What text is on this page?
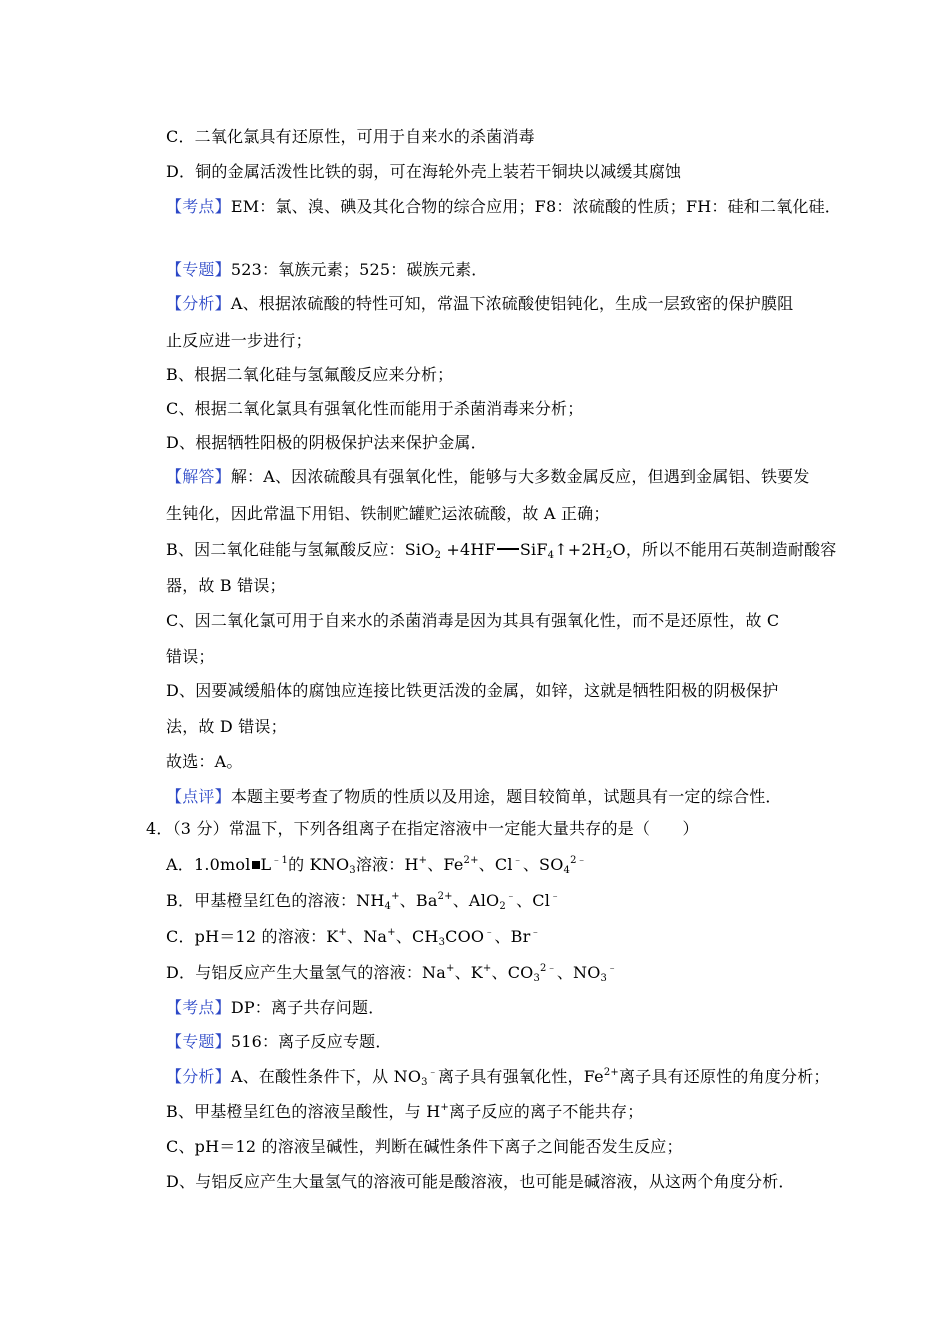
C．二氧化氯具有还原性，可用于自来水的杀菌消毒
D．铜的金属活泼性比铁的弱，可在海轮外壳上装若干铜块以减缓其腐蚀
【考点】EM：氯、溴、碘及其化合物的综合应用；F8：浓硫酸的性质；FH：硅和二氧化硅．
【专题】523：氧族元素；525：碳族元素．
【分析】A、根据浓硫酸的特性可知，常温下浓硫酸使铝钝化，生成一层致密的保护膜阻
止反应进一步进行；
B、根据二氧化硅与氢氟酸反应来分析；
C、根据二氧化氯具有强氧化性而能用于杀菌消毒来分析；
D、根据牺牲阳极的阴极保护法来保护金属．
【解答】解：A、因浓硫酸具有强氧化性，能够与大多数金属反应，但遇到金属铝、铁要发
生钝化，因此常温下用铝、铁制贮罐贮运浓硫酸，故 A 正确；
B、因二氧化硅能与氢氟酸反应：SiO$_2$ +4HF $SiF_4↑+2H_2O$，所以不能用石英制造耐酸容
器，故 B 错误；
C、因二氧化氯可用于自来水的杀菌消毒是因为其具有强氧化性，而不是还原性，故 C
错误；
D、因要减缓船体的腐蚀应连接比铁更活泼的金属，如锌，这就是牺牲阳极的阴极保护
法，故 D 错误；
故选：A。
【点评】本题主要考查了物质的性质以及用途，题目较简单，试题具有一定的综合性．
4．（3 分）常温下，下列各组离子在指定溶液中一定能大量共存的是（　　）
A．1.0mol $L^{﹣1}$的 $KNO_3$溶液：H+、$Fe^{2+}$、Cl﹣、$SO_4^{2﹣}$
B．甲基橙呈红色的溶液：$NH_4^+$、$Ba^{2+}$、AlO$_2$﹣、Cl﹣
C．pH＝12 的溶液：K+、Na+、$CH_3COO^﹣$、Br﹣
D．与铝反应产生大量氢气的溶液：Na+、K+、$CO_3^{2﹣}$、$NO_3^﹣$
【考点】DP：离子共存问题．
【专题】516：离子反应专题．
【分析】A、在酸性条件下，从 $NO_3^﹣$离子具有强氧化性，$Fe^{2+}$离子具有还原性的角度分析；
B、甲基橙呈红色的溶液呈酸性，与 H+离子反应的离子不能共存；
C、pH＝12 的溶液呈碱性，判断在碱性条件下离子之间能否发生反应；
D、与铝反应产生大量氢气的溶液可能是酸溶液，也可能是碱溶液，从这两个角度分析．
